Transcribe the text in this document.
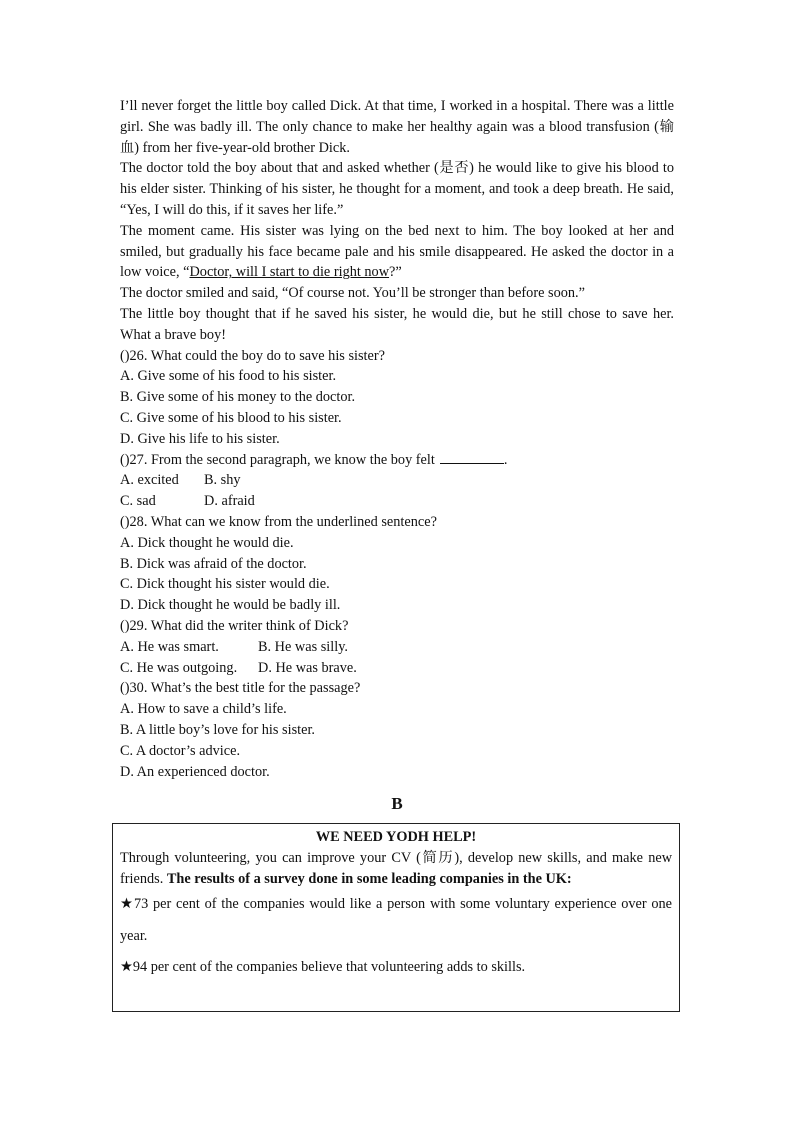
I’ll never forget the little boy called Dick. At that time, I worked in a hospital. There was a little girl. She was badly ill. The only chance to make her healthy again was a blood transfusion (输血) from her five-year-old brother Dick.

The doctor told the boy about that and asked whether (是否) he would like to give his blood to his elder sister. Thinking of his sister, he thought for a moment, and took a deep breath. He said, “Yes, I will do this, if it saves her life.”

The moment came. His sister was lying on the bed next to him. The boy looked at her and smiled, but gradually his face became pale and his smile disappeared. He asked the doctor in a low voice, “Doctor, will I start to die right now?”

The doctor smiled and said, “Of course not. You’ll be stronger than before soon.”

The little boy thought that if he saved his sister, he would die, but he still chose to save her. What a brave boy!

()26. What could the boy do to save his sister?

A. Give some of his food to his sister.

B. Give some of his money to the doctor.

C. Give some of his blood to his sister.

D. Give his life to his sister.

()27. From the second paragraph, we know the boy felt	.

A. excited	B. shy
C. sad	D. afraid

()28. What can we know from the underlined sentence?

A. Dick thought he would die.

B. Dick was afraid of the doctor.

C. Dick thought his sister would die.

D. Dick thought he would be badly ill.

()29. What did the writer think of Dick?

A. He was smart.	B. He was silly.
C. He was outgoing.	D. He was brave.

()30. What’s the best title for the passage?

A. How to save a child’s life.

B. A little boy’s love for his sister.

C. A doctor’s advice.

D. An experienced doctor.

B

WE NEED YODH HELP!

Through volunteering, you can improve your CV (简历), develop new skills, and make new friends. The results of a survey done in some leading companies in the UK:

★73 per cent of the companies would like a person with some voluntary experience over one year.

★94 per cent of the companies believe that volunteering adds to skills.
